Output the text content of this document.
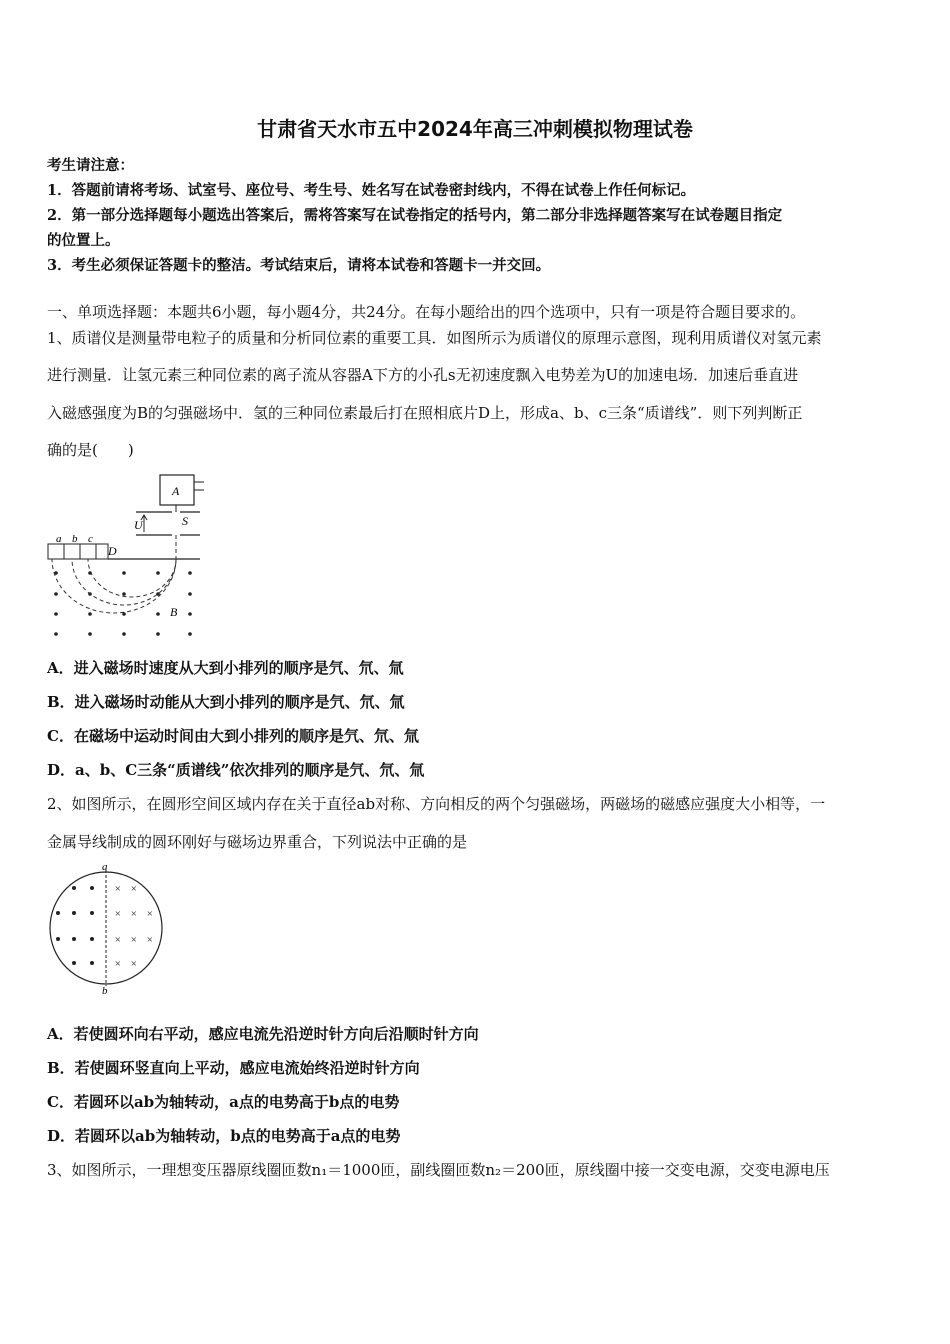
甘肃省天水市五中2024年高三冲刺模拟物理试卷
考生请注意：
1．答题前请将考场、试室号、座位号、考生号、姓名写在试卷密封线内，不得在试卷上作任何标记。
2．第一部分选择题每小题选出答案后，需将答案写在试卷指定的括号内，第二部分非选择题答案写在试卷题目指定
的位置上。
3．考生必须保证答题卡的整洁。考试结束后，请将本试卷和答题卡一并交回。
一、单项选择题：本题共6小题，每小题4分，共24分。在每小题给出的四个选项中，只有一项是符合题目要求的。
1、质谱仪是测量带电粒子的质量和分析同位素的重要工具．如图所示为质谱仪的原理示意图，现利用质谱仪对氢元素
进行测量．让氢元素三种同位素的离子流从容器A下方的小孔s无初速度飘入电势差为U的加速电场．加速后垂直进
入磁感强度为B的匀强磁场中．氢的三种同位素最后打在照相底片D上，形成a、b、c三条“质谱线”．则下列判断正
确的是(　　)
A
U	S
a b c
D
B
A．进入磁场时速度从大到小排列的顺序是氕、氘、氚
B．进入磁场时动能从大到小排列的顺序是氕、氘、氚
C．在磁场中运动时间由大到小排列的顺序是氕、氘、氚
D．a、b、C三条“质谱线”依次排列的顺序是氕、氘、氚
2、如图所示，在圆形空间区域内存在关于直径ab对称、方向相反的两个匀强磁场，两磁场的磁感应强度大小相等，一
金属导线制成的圆环刚好与磁场边界重合，下列说法中正确的是
a
b
× ×
× × ×
× × ×
× ×
A．若使圆环向右平动，感应电流先沿逆时针方向后沿顺时针方向
B．若使圆环竖直向上平动，感应电流始终沿逆时针方向
C．若圆环以ab为轴转动，a点的电势高于b点的电势
D．若圆环以ab为轴转动，b点的电势高于a点的电势
3、如图所示，一理想变压器原线圈匝数n₁＝1000匝，副线圈匝数n₂＝200匝，原线圈中接一交变电源，交变电源电压
